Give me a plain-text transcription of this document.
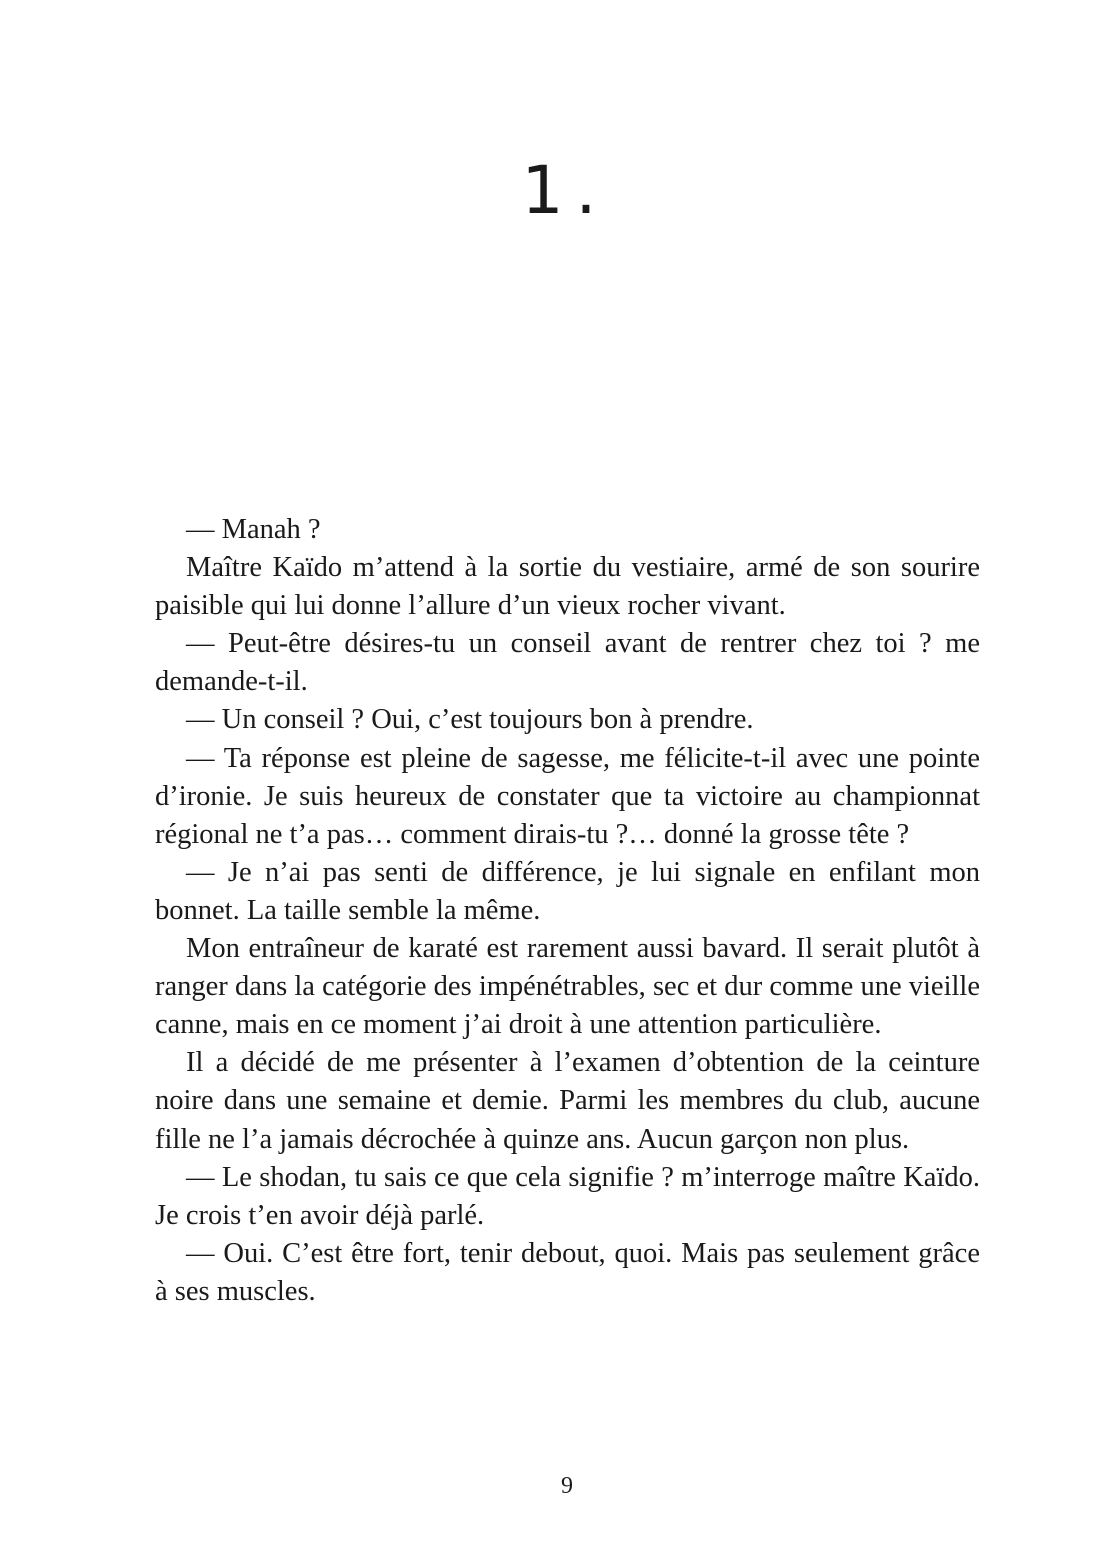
1.

— Manah ?

Maître Kaïdo m’attend à la sortie du vestiaire, armé de son sourire paisible qui lui donne l’allure d’un vieux rocher vivant.

— Peut-être désires-tu un conseil avant de rentrer chez toi ? me demande-t-il.

— Un conseil ? Oui, c’est toujours bon à prendre.

— Ta réponse est pleine de sagesse, me félicite-t-il avec une pointe d’ironie. Je suis heureux de constater que ta victoire au championnat régional ne t’a pas… comment dirais-tu ?… donné la grosse tête ?

— Je n’ai pas senti de différence, je lui signale en enfilant mon bonnet. La taille semble la même.

Mon entraîneur de karaté est rarement aussi bavard. Il serait plutôt à ranger dans la catégorie des impénétrables, sec et dur comme une vieille canne, mais en ce moment j’ai droit à une attention particulière.

Il a décidé de me présenter à l’examen d’obtention de la ceinture noire dans une semaine et demie. Parmi les membres du club, aucune fille ne l’a jamais décrochée à quinze ans. Aucun garçon non plus.

— Le shodan, tu sais ce que cela signifie ? m’interroge maître Kaïdo. Je crois t’en avoir déjà parlé.

— Oui. C’est être fort, tenir debout, quoi. Mais pas seulement grâce à ses muscles.

9
